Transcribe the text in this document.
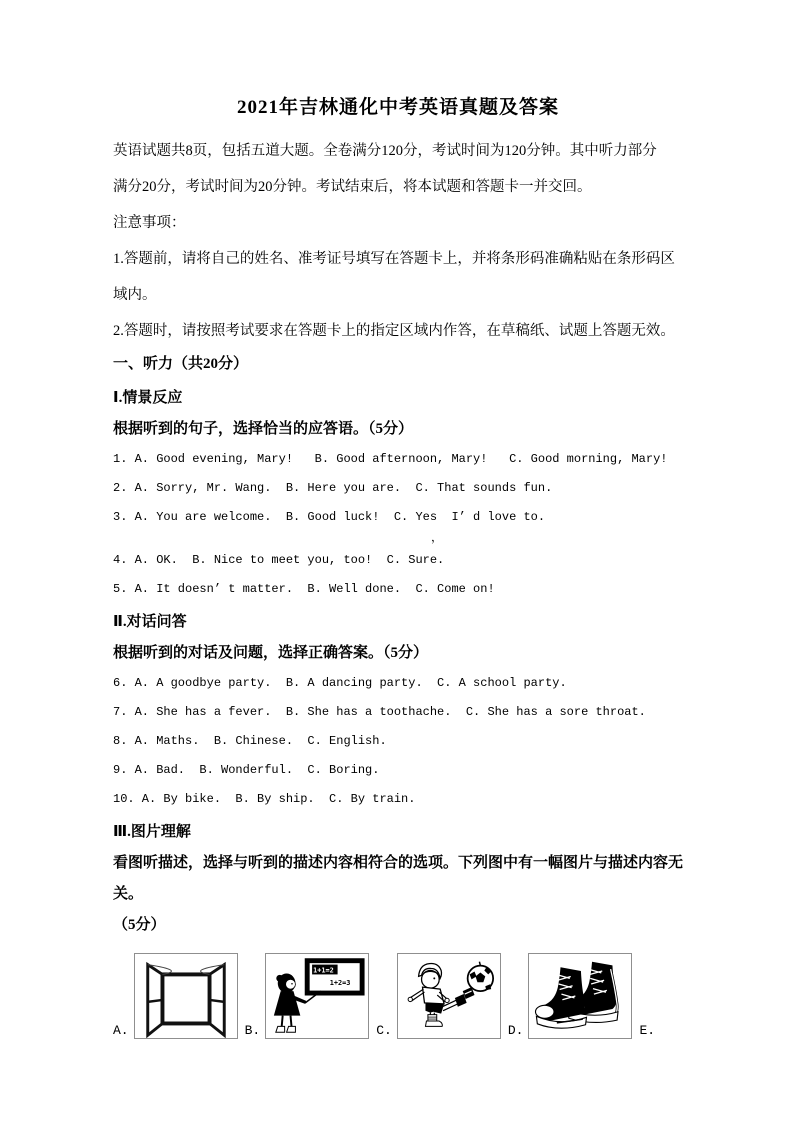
2021年吉林通化中考英语真题及答案
英语试题共8页，包括五道大题。全卷满分120分，考试时间为120分钟。其中听力部分
满分20分，考试时间为20分钟。考试结束后，将本试题和答题卡一并交回。
注意事项：
1.答题前，请将自己的姓名、准考证号填写在答题卡上，并将条形码准确粘贴在条形码区
域内。
2.答题时，请按照考试要求在答题卡上的指定区域内作答，在草稿纸、试题上答题无效。
一、听力（共20分）
Ⅰ.情景反应
根据听到的句子，选择恰当的应答语。（5分）
1. A. Good evening, Mary!   B. Good afternoon, Mary!   C. Good morning, Mary!
2. A. Sorry, Mr. Wang.  B. Here you are.  C. That sounds fun.
3. A. You are welcome.  B. Good luck!  C. Yes  I’ d love to.
，
4. A. OK.  B. Nice to meet you, too!  C. Sure.
5. A. It doesn’ t matter.  B. Well done.  C. Come on!
Ⅱ.对话问答
根据听到的对话及问题，选择正确答案。（5分）
6. A. A goodbye party.  B. A dancing party.  C. A school party.
7. A. She has a fever.  B. She has a toothache.  C. She has a sore throat.
8. A. Maths.  B. Chinese.  C. English.
9. A. Bad.  B. Wonderful.  C. Boring.
10. A. By bike.  B. By ship.  C. By train.
Ⅲ.图片理解
看图听描述，选择与听到的描述内容相符合的选项。下列图中有一幅图片与描述内容无关。
（5分）
A.	B.
1+1=2
1+2=3
C.	D.	E.
